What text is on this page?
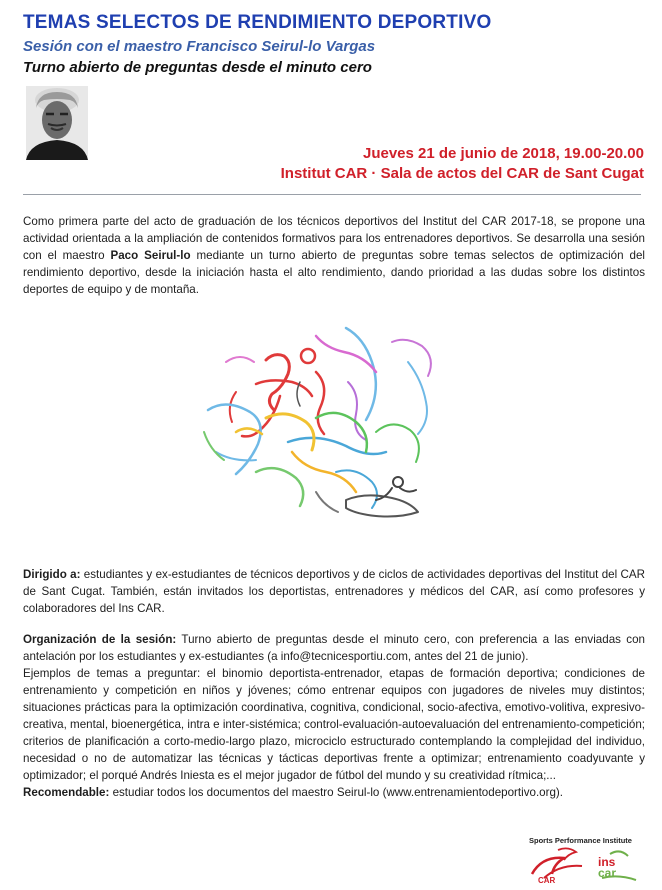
TEMAS SELECTOS DE RENDIMIENTO DEPORTIVO
Sesión con el maestro Francisco Seirul-lo Vargas
Turno abierto de preguntas desde el minuto cero
Jueves 21 de junio de 2018, 19.00-20.00
Institut CAR · Sala de actos del CAR de Sant Cugat
Como primera parte del acto de graduación de los técnicos deportivos del Institut del CAR 2017-18, se propone una actividad orientada a la ampliación de contenidos formativos para los entrenadores deportivos. Se desarrolla una sesión con el maestro Paco Seirul-lo mediante un turno abierto de preguntas sobre temas selectos de optimización del rendimiento deportivo, desde la iniciación hasta el alto rendimiento, dando prioridad a las dudas sobre los distintos deportes de equipo y de montaña.
Dirigido a: estudiantes y ex-estudiantes de técnicos deportivos y de ciclos de actividades deportivas del Institut del CAR de Sant Cugat. También, están invitados los deportistas, entrenadores y médicos del CAR, así como profesores y colaboradores del Ins CAR.
Organización de la sesión: Turno abierto de preguntas desde el minuto cero, con preferencia a las enviadas con antelación por los estudiantes y ex-estudiantes (a info@tecnicesportiu.com, antes del 21 de junio).
Ejemplos de temas a preguntar: el binomio deportista-entrenador, etapas de formación deportiva; condiciones de entrenamiento y competición en niños y jóvenes; cómo entrenar equipos con jugadores de niveles muy distintos; situaciones prácticas para la optimización coordinativa, cognitiva, condicional, socio-afectiva, emotivo-volitiva, expresivo-creativa, mental, bioenergética, intra e inter-sistémica; control-evaluación-autoevaluación del entrenamiento-competición; criterios de planificación a corto-medio-largo plazo, microciclo estructurado contemplando la complejidad del individuo, necesidad o no de automatizar las técnicas y tácticas deportivas frente a optimizar; entrenamiento coadyuvante y optimizador; el porqué Andrés Iniesta es el mejor jugador de fútbol del mundo y su creatividad rítmica;...
Recomendable: estudiar todos los documentos del maestro Seirul-lo (www.entrenamientodeportivo.org).
CAR
ins
car
Sports Performance Institute
